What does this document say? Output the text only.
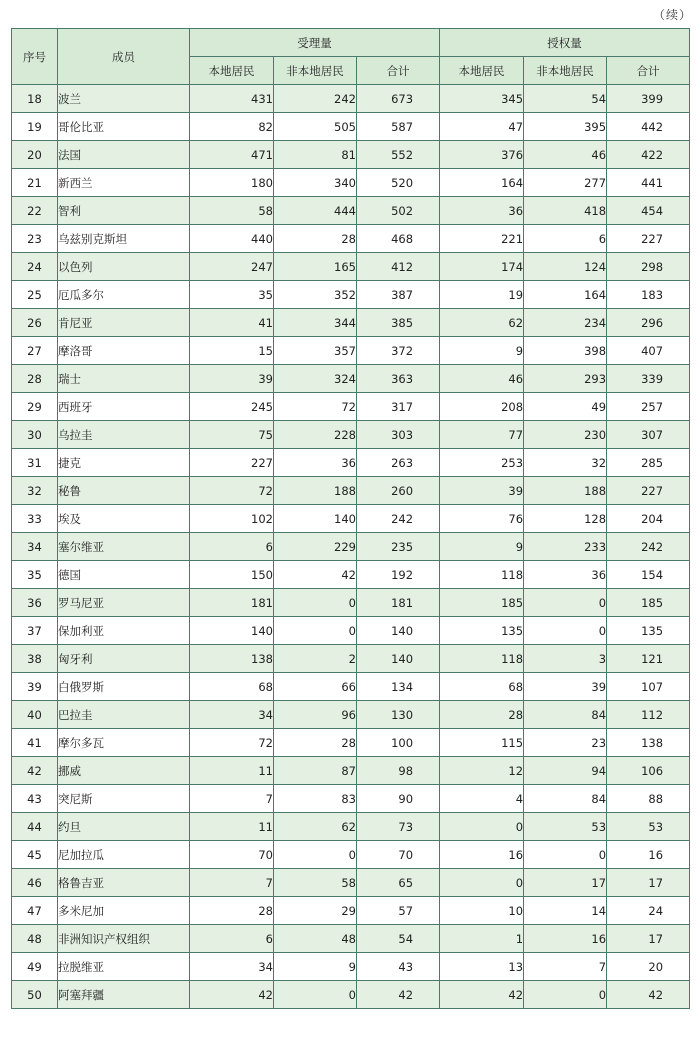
（续）
序号	成员	受理量			授权量		
		本地居民	非本地居民	合计	本地居民	非本地居民	合计
18	波兰	431	242	673	345	54	399
19	哥伦比亚	82	505	587	47	395	442
20	法国	471	81	552	376	46	422
21	新西兰	180	340	520	164	277	441
22	智利	58	444	502	36	418	454
23	乌兹别克斯坦	440	28	468	221	6	227
24	以色列	247	165	412	174	124	298
25	厄瓜多尔	35	352	387	19	164	183
26	肯尼亚	41	344	385	62	234	296
27	摩洛哥	15	357	372	9	398	407
28	瑞士	39	324	363	46	293	339
29	西班牙	245	72	317	208	49	257
30	乌拉圭	75	228	303	77	230	307
31	捷克	227	36	263	253	32	285
32	秘鲁	72	188	260	39	188	227
33	埃及	102	140	242	76	128	204
34	塞尔维亚	6	229	235	9	233	242
35	德国	150	42	192	118	36	154
36	罗马尼亚	181	0	181	185	0	185
37	保加利亚	140	0	140	135	0	135
38	匈牙利	138	2	140	118	3	121
39	白俄罗斯	68	66	134	68	39	107
40	巴拉圭	34	96	130	28	84	112
41	摩尔多瓦	72	28	100	115	23	138
42	挪威	11	87	98	12	94	106
43	突尼斯	7	83	90	4	84	88
44	约旦	11	62	73	0	53	53
45	尼加拉瓜	70	0	70	16	0	16
46	格鲁吉亚	7	58	65	0	17	17
47	多米尼加	28	29	57	10	14	24
48	非洲知识产权组织	6	48	54	1	16	17
49	拉脱维亚	34	9	43	13	7	20
50	阿塞拜疆	42	0	42	42	0	42
